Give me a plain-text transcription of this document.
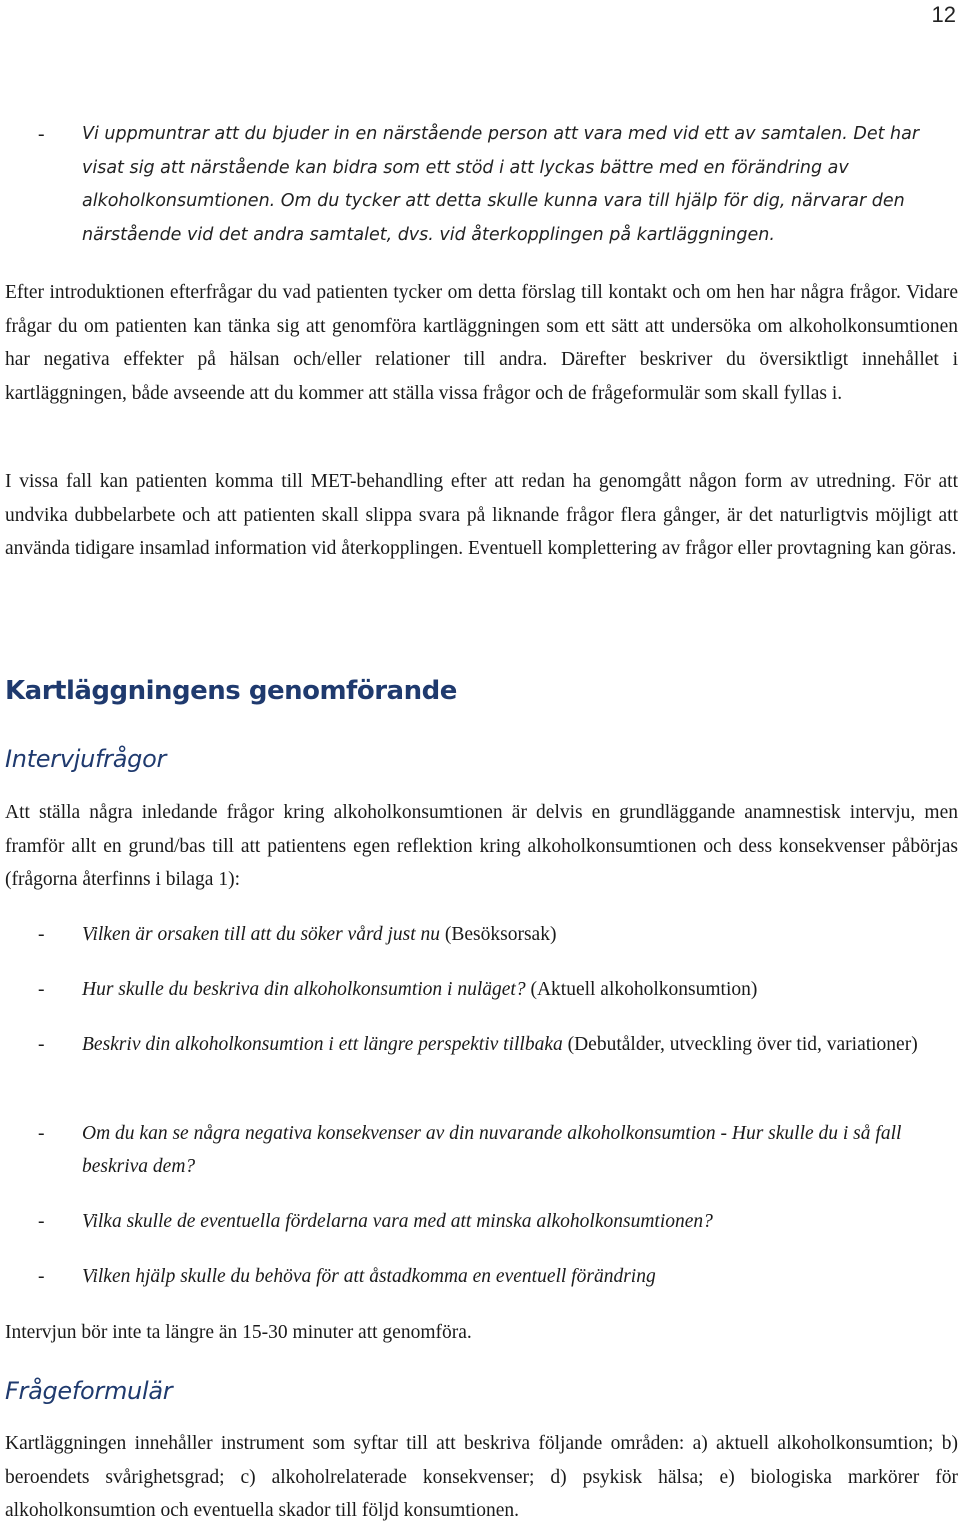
12
- Vi uppmuntrar att du bjuder in en närstående person att vara med vid ett av samtalen. Det har visat sig att närstående kan bidra som ett stöd i att lyckas bättre med en förändring av alkoholkonsumtionen. Om du tycker att detta skulle kunna vara till hjälp för dig, närvarar den närstående vid det andra samtalet, dvs. vid återkopplingen på kartläggningen.
Efter introduktionen efterfrågar du vad patienten tycker om detta förslag till kontakt och om hen har några frågor. Vidare frågar du om patienten kan tänka sig att genomföra kartläggningen som ett sätt att undersöka om alkoholkonsumtionen har negativa effekter på hälsan och/eller relationer till andra. Därefter beskriver du översiktligt innehållet i kartläggningen, både avseende att du kommer att ställa vissa frågor och de frågeformulär som skall fyllas i.
I vissa fall kan patienten komma till MET-behandling efter att redan ha genomgått någon form av utredning. För att undvika dubbelarbete och att patienten skall slippa svara på liknande frågor flera gånger, är det naturligtvis möjligt att använda tidigare insamlad information vid återkopplingen. Eventuell komplettering av frågor eller provtagning kan göras.
Kartläggningens genomförande
Intervjufrågor
Att ställa några inledande frågor kring alkoholkonsumtionen är delvis en grundläggande anamnestisk intervju, men framför allt en grund/bas till att patientens egen reflektion kring alkoholkonsumtionen och dess konsekvenser påbörjas (frågorna återfinns i bilaga 1):
- Vilken är orsaken till att du söker vård just nu (Besöksorsak)
- Hur skulle du beskriva din alkoholkonsumtion i nuläget? (Aktuell alkoholkonsumtion)
- Beskriv din alkoholkonsumtion i ett längre perspektiv tillbaka (Debutålder, utveckling över tid, variationer)
- Om du kan se några negativa konsekvenser av din nuvarande alkoholkonsumtion - Hur skulle du i så fall beskriva dem?
- Vilka skulle de eventuella fördelarna vara med att minska alkoholkonsumtionen?
- Vilken hjälp skulle du behöva för att åstadkomma en eventuell förändring
Intervjun bör inte ta längre än 15-30 minuter att genomföra.
Frågeformulär
Kartläggningen innehåller instrument som syftar till att beskriva följande områden: a) aktuell alkoholkonsumtion; b) beroendets svårighetsgrad; c) alkoholrelaterade konsekvenser; d) psykisk hälsa; e) biologiska markörer för alkoholkonsumtion och eventuella skador till följd konsumtionen.
